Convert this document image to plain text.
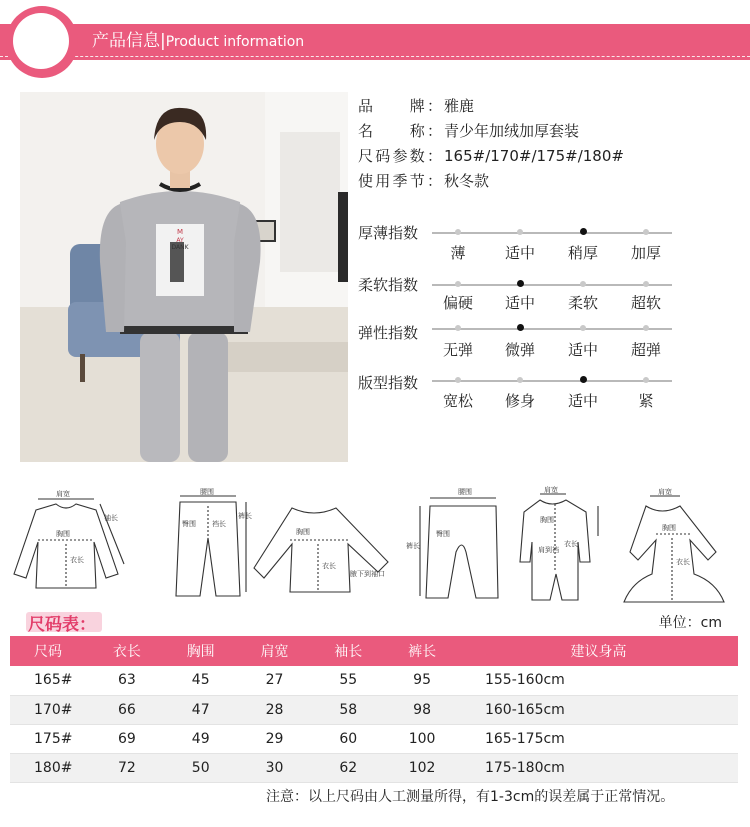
产品信息|Product information
M
AY
DANK
品　　牌： 雅鹿
名　　称： 青少年加绒加厚套装
尺码参数： 165#/170#/175#/180#
使用季节： 秋冬款
厚薄指数
薄	适中	稍厚	加厚
柔软指数
偏硬	适中	柔软	超软
弹性指数
无弹	微弹	适中	超弹
版型指数
宽松	修身	适中	紧
肩宽
袖长
胸围
衣长
腰围
臀围 裆长
裤长
胸围
衣长
腋下到袖口
腰围
臀围
裤长
肩宽
胸围
衣长
肩到裆
肩宽
胸围
衣长
尺码表：	单位：cm
尺码	衣长	胸围	肩宽	袖长	裤长	建议身高
165#	63	45	27	55	95	155-160cm
170#	66	47	28	58	98	160-165cm
175#	69	49	29	60	100	165-175cm
180#	72	50	30	62	102	175-180cm
注意：以上尺码由人工测量所得，有1-3cm的误差属于正常情况。
